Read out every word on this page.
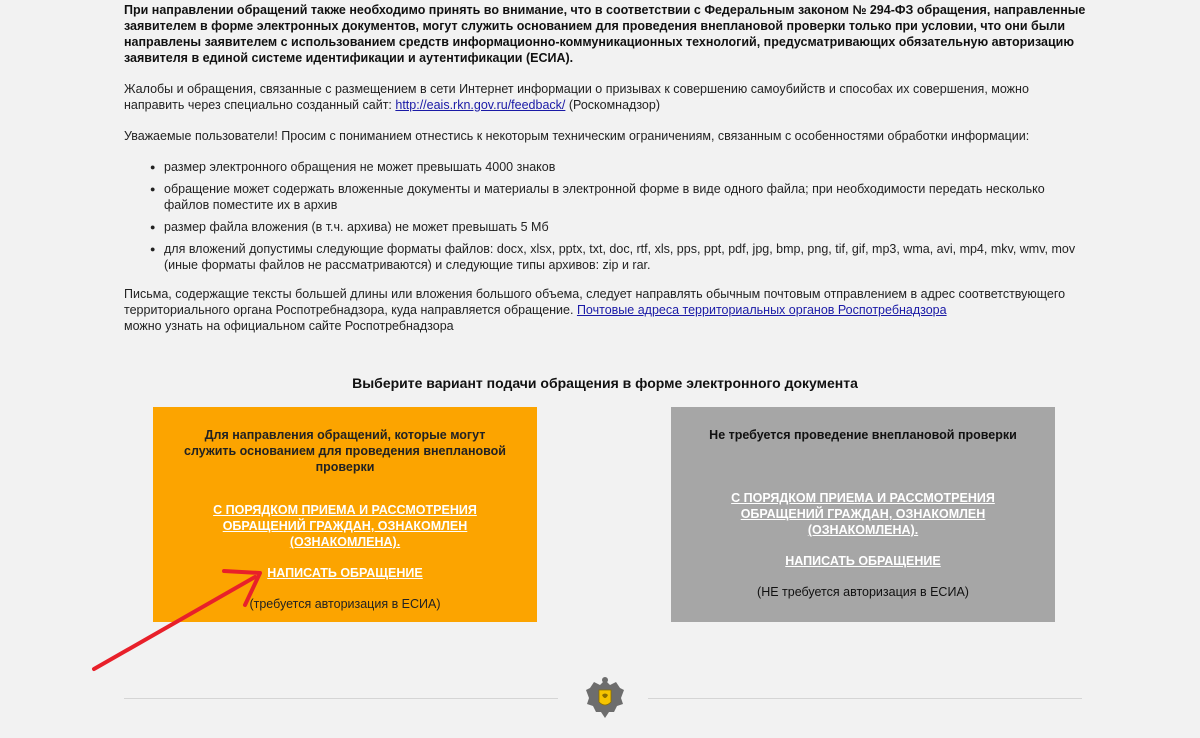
При направлении обращений также необходимо принять во внимание, что в соответствии с Федеральным законом № 294-ФЗ обращения, направленные заявителем в форме электронных документов, могут служить основанием для проведения внеплановой проверки только при условии, что они были направлены заявителем с использованием средств информационно-коммуникационных технологий, предусматривающих обязательную авторизацию заявителя в единой системе идентификации и аутентификации (ЕСИА).

Жалобы и обращения, связанные с размещением в сети Интернет информации о призывах к совершению самоубийств и способах их совершения, можно направить через специально созданный сайт: http://eais.rkn.gov.ru/feedback/ (Роскомнадзор)

Уважаемые пользователи! Просим с пониманием отнестись к некоторым техническим ограничениям, связанным с особенностями обработки информации:

● размер электронного обращения не может превышать 4000 знаков
● обращение может содержать вложенные документы и материалы в электронной форме в виде одного файла; при необходимости передать несколько файлов поместите их в архив
● размер файла вложения (в т.ч. архива) не может превышать 5 Мб
● для вложений допустимы следующие форматы файлов: docx, xlsx, pptx, txt, doc, rtf, xls, pps, ppt, pdf, jpg, bmp, png, tif, gif, mp3, wma, avi, mp4, mkv, wmv, mov (иные форматы файлов не рассматриваются) и следующие типы архивов: zip и rar.

Письма, содержащие тексты большей длины или вложения большого объема, следует направлять обычным почтовым отправлением в адрес соответствующего территориального органа Роспотребнадзора, куда направляется обращение. Почтовые адреса территориальных органов Роспотребнадзора
можно узнать на официальном сайте Роспотребнадзора

Выберите вариант подачи обращения в форме электронного документа
Для направления обращений, которые могут служить основанием для проведения внеплановой проверки
С ПОРЯДКОМ ПРИЕМА И РАССМОТРЕНИЯ ОБРАЩЕНИЙ ГРАЖДАН, ОЗНАКОМЛЕН (ОЗНАКОМЛЕНА).
НАПИСАТЬ ОБРАЩЕНИЕ
(требуется авторизация в ЕСИА)
Не требуется проведение внеплановой проверки
С ПОРЯДКОМ ПРИЕМА И РАССМОТРЕНИЯ ОБРАЩЕНИЙ ГРАЖДАН, ОЗНАКОМЛЕН (ОЗНАКОМЛЕНА).
НАПИСАТЬ ОБРАЩЕНИЕ
(НЕ требуется авторизация в ЕСИА)
